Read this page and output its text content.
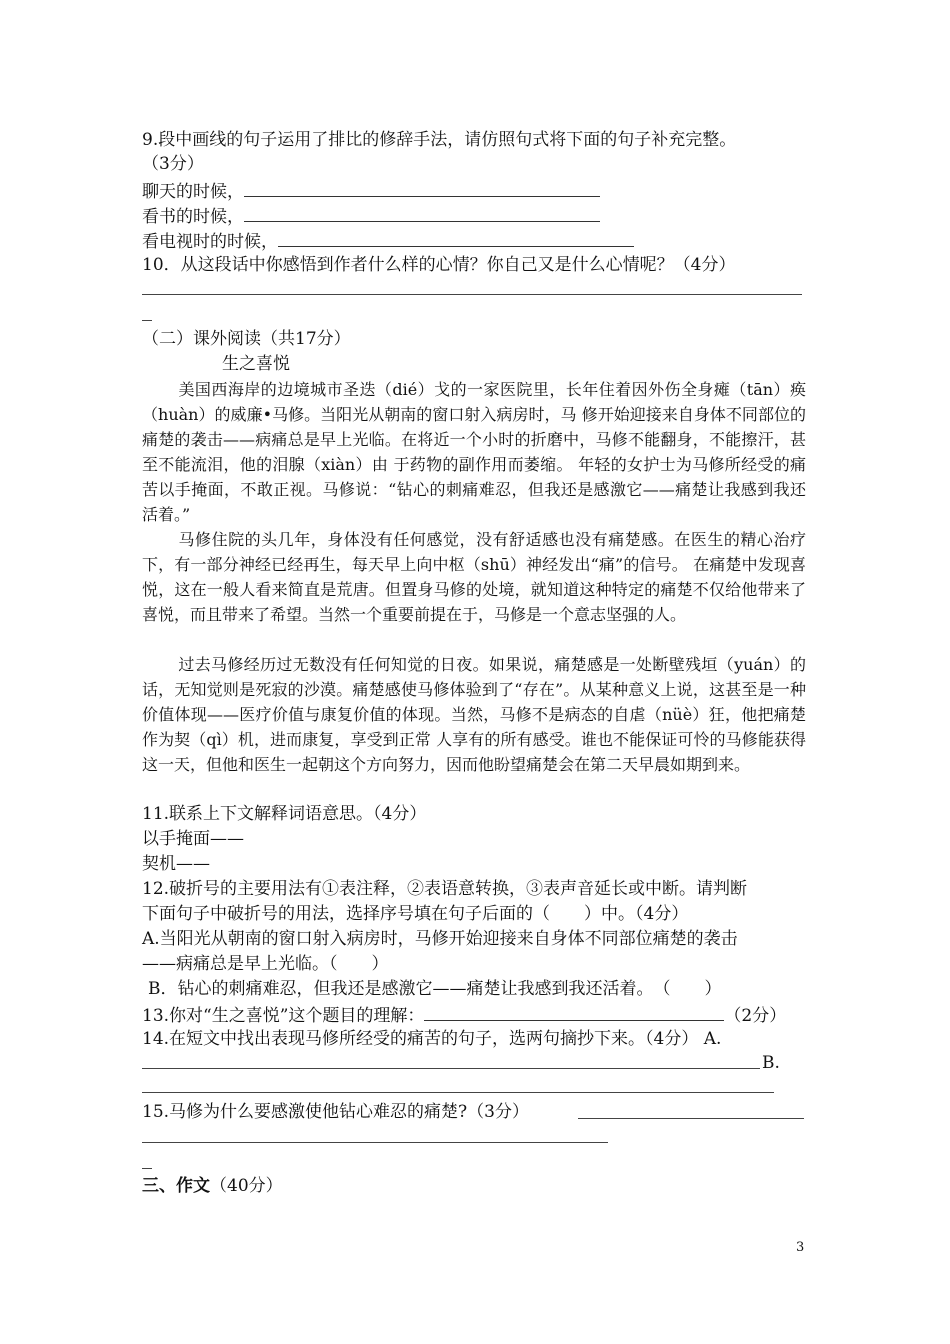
9.段中画线的句子运用了排比的修辞手法，请仿照句式将下面的句子补充完整。
（3分）
聊天的时候，
看书的时候，
看电视时的时候，
10．从这段话中你感悟到作者什么样的心情？你自己又是什么心情呢？（4分）
（二）课外阅读（共17分）
生之喜悦
美国西海岸的边境城市圣迭（dié）戈的一家医院里，长年住着因外伤全身瘫（tān）痪（huàn）的威廉•马修。当阳光从朝南的窗口射入病房时，马 修开始迎接来自身体不同部位的痛楚的袭击——病痛总是早上光临。在将近一个小时的折磨中，马修不能翻身，不能擦汗，甚至不能流泪，他的泪腺（xiàn）由 于药物的副作用而萎缩。 年轻的女护士为马修所经受的痛苦以手掩面，不敢正视。马修说：“钻心的刺痛难忍，但我还是感激它——痛楚让我感到我还活着。”
马修住院的头几年，身体没有任何感觉，没有舒适感也没有痛楚感。在医生的精心治疗下，有一部分神经已经再生，每天早上向中枢（shū）神经发出“痛”的信号。 在痛楚中发现喜悦，这在一般人看来简直是荒唐。但置身马修的处境，就知道这种特定的痛楚不仅给他带来了喜悦，而且带来了希望。当然一个重要前提在于，马修是一个意志坚强的人。
过去马修经历过无数没有任何知觉的日夜。如果说，痛楚感是一处断壁残垣（yuán）的话，无知觉则是死寂的沙漠。痛楚感使马修体验到了“存在”。从某种意义上说，这甚至是一种价值体现——医疗价值与康复价值的体现。当然，马修不是病态的自虐（nüè）狂，他把痛楚作为契（qì）机，进而康复，享受到正常 人享有的所有感受。谁也不能保证可怜的马修能获得这一天，但他和医生一起朝这个方向努力，因而他盼望痛楚会在第二天早晨如期到来。
11.联系上下文解释词语意思。（4分）
以手掩面——
契机——
12.破折号的主要用法有①表注释，②表语意转换，③表声音延长或中断。请判断
下面句子中破折号的用法，选择序号填在句子后面的（　　）中。（4分）
A.当阳光从朝南的窗口射入病房时，马修开始迎接来自身体不同部位痛楚的袭击
——病痛总是早上光临。（　　）
B．钻心的刺痛难忍，但我还是感激它——痛楚让我感到我还活着。　（　　）
13.你对“生之喜悦”这个题目的理解：	（2分）
14.在短文中找出表现马修所经受的痛苦的句子，选两句摘抄下来。（4分） A.
B.
15.马修为什么要感激使他钻心难忍的痛楚?（3分）
三、作文（40分）
3
